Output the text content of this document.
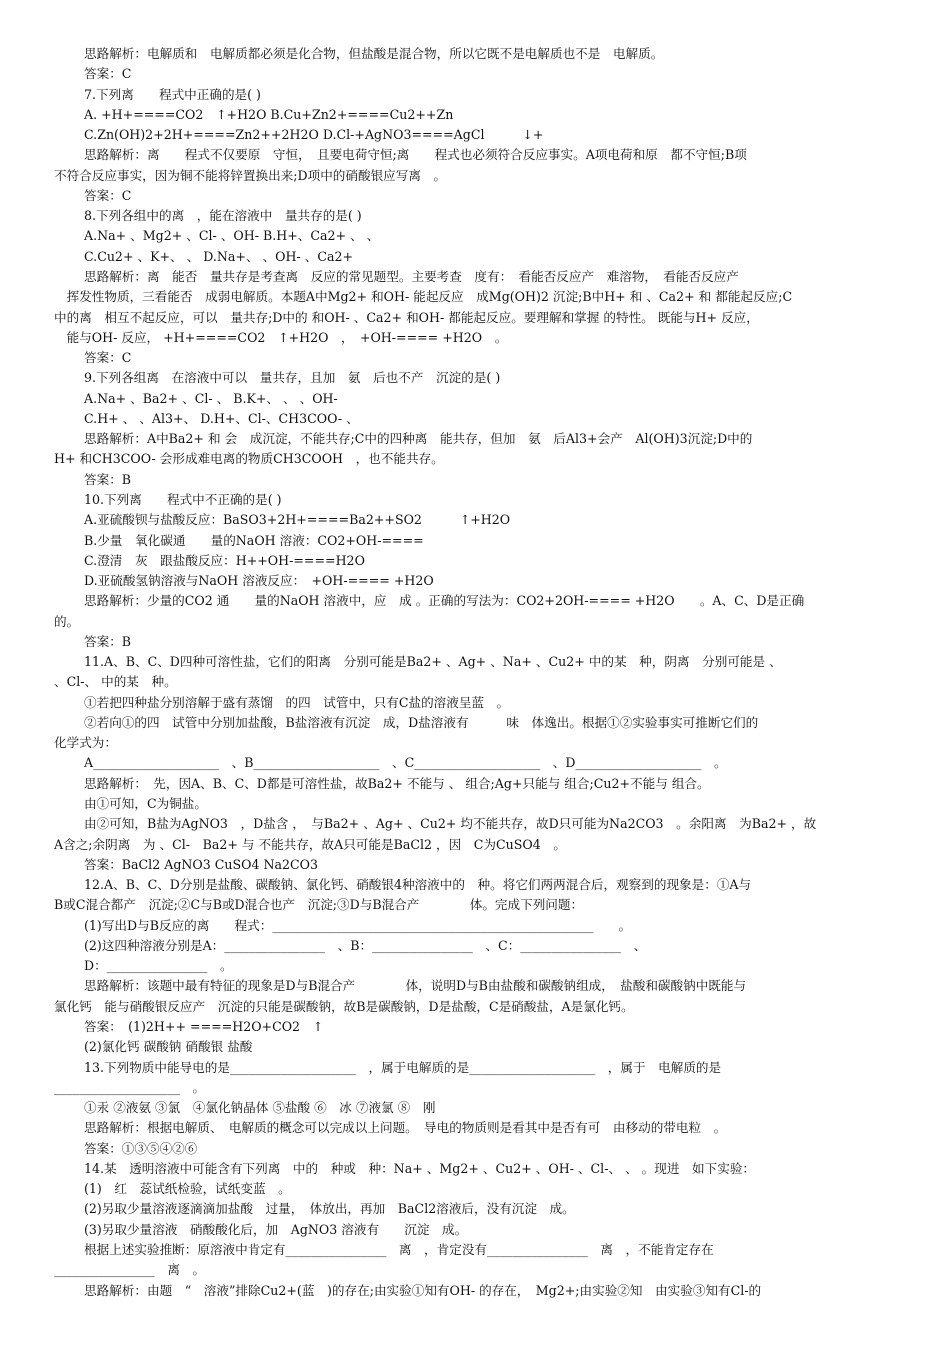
思路解析：电解质和　电解质都必须是化合物，但盐酸是混合物，所以它既不是电解质也不是　电解质。
答案：C
7.下列离　　程式中正确的是( )
A. +H+====CO2　↑+H2O B.Cu+Zn2+====Cu2++Zn
C.Zn(OH)2+2H+====Zn2++2H2O D.Cl-+AgNO3====AgCl　　　↓+
思路解析：离　　程式不仅要原　守恒，　且要电荷守恒;离　　程式也必须符合反应事实。A项电荷和原　都不守恒;B项
不符合反应事实，因为铜不能将锌置换出来;D项中的硝酸银应写离　。
答案：C
8.下列各组中的离　，能在溶液中　量共存的是( )
A.Na+ 、Mg2+ 、Cl- 、OH- B.H+、Ca2+ 、 、
C.Cu2+ 、K+、 、 D.Na+、 、OH- 、Ca2+
思路解析：离　能否　量共存是考查离　反应的常见题型。主要考查　度有：　看能否反应产　难溶物，　看能否反应产
　挥发性物质，三看能否　成弱电解质。本题A中Mg2+ 和OH- 能起反应　成Mg(OH)2 沉淀;B中H+ 和 、Ca2+ 和 都能起反应;C
中的离　相互不起反应，可以　量共存;D中的 和OH- 、Ca2+ 和OH- 都能起反应。要理解和掌握 的特性。 既能与H+ 反应，
　能与OH- 反应， +H+====CO2　↑+H2O　，　+OH-==== +H2O　。
答案：C
9.下列各组离　在溶液中可以　量共存，且加　氨　后也不产　沉淀的是( )
A.Na+ 、Ba2+ 、Cl- 、 B.K+、 、 、OH-
C.H+ 、 、Al3+、 D.H+、Cl-、CH3COO- 、
思路解析：A中Ba2+ 和 会　成沉淀，不能共存;C中的四种离　能共存，但加　氨　后Al3+会产　Al(OH)3沉淀;D中的
H+ 和CH3COO- 会形成难电离的物质CH3COOH　，也不能共存。
答案：B
10.下列离　　程式中不正确的是( )
A.亚硫酸钡与盐酸反应：BaSO3+2H+====Ba2++SO2　　　↑+H2O
B.少量　氧化碳通　　量的NaOH 溶液：CO2+OH-====
C.澄清　灰　跟盐酸反应：H++OH-====H2O
D.亚硫酸氢钠溶液与NaOH 溶液反应：　+OH-==== +H2O
思路解析：少量的CO2 通　　量的NaOH 溶液中，应　成 。正确的写法为：CO2+2OH-==== +H2O　　。A、C、D是正确
的。
答案：B
11.A、B、C、D四种可溶性盐，它们的阳离　分别可能是Ba2+ 、Ag+ 、Na+ 、Cu2+ 中的某　种，阴离　分别可能是 、
、Cl-、 中的某　种。
①若把四种盐分别溶解于盛有蒸馏　的四　试管中，只有C盐的溶液呈蓝　。
②若向①的四　试管中分别加盐酸，B盐溶液有沉淀　成，D盐溶液有　　　味　体逸出。根据①②实验事实可推断它们的
化学式为：
A____________________　、B____________________　、C____________________　、D____________________　。
思路解析：　先，因A、B、C、D都是可溶性盐，故Ba2+ 不能与 、 组合;Ag+只能与 组合;Cu2+不能与 组合。
由①可知，C为铜盐。
由②可知，B盐为AgNO3　，D盐含 ，　与Ba2+ 、Ag+ 、Cu2+ 均不能共存，故D只可能为Na2CO3　。余阳离　为Ba2+ ，故
A含之;余阴离　为 、Cl-　Ba2+ 与 不能共存，故A只可能是BaCl2 ，因　C为CuSO4　。
答案：BaCl2 AgNO3 CuSO4 Na2CO3
12.A、B、C、D分别是盐酸、碳酸钠、氯化钙、硝酸银4种溶液中的　种。将它们两两混合后，观察到的现象是：①A与
B或C混合都产　沉淀;②C与B或D混合也产　沉淀;③D与B混合产　　　　体。完成下列问题：
(1)写出D与B反应的离　　程式：___________________________________________________　　。
(2)这四种溶液分别是A：________________　、B：________________　、C：________________　、
D：________________　。
思路解析：该题中最有特征的现象是D与B混合产　　　　体，说明D与B由盐酸和碳酸钠组成，　盐酸和碳酸钠中既能与
氯化钙　能与硝酸银反应产　沉淀的只能是碳酸钠，故B是碳酸钠，D是盐酸，C是硝酸盐，A是氯化钙。
答案：　(1)2H++ ====H2O+CO2　↑
(2)氯化钙 碳酸钠 硝酸银 盐酸
13.下列物质中能导电的是____________________　，属于电解质的是____________________　，属于　电解质的是
____________________　。
①汞 ②液氨 ③氯　④氯化钠晶体 ⑤盐酸 ⑥　冰 ⑦液氯 ⑧　刚
思路解析：根据电解质、　电解质的概念可以完成以上问题。　导电的物质则是看其中是否有可　由移动的带电粒　。
答案：①③⑤④②⑥
14.某　透明溶液中可能含有下列离　中的　种或　种：Na+ 、Mg2+ 、Cu2+ 、OH- 、Cl-、 、 。现进　如下实验：
(1)　红　蕊试纸检验，试纸变蓝　。
(2)另取少量溶液逐滴滴加盐酸　过量，　体放出，再加　BaCl2溶液后，没有沉淀　成。
(3)另取少量溶液　硝酸酸化后，加　AgNO3 溶液有　　沉淀　成。
根据上述实验推断：原溶液中肯定有________________　离　，肯定没有________________　离　，不能肯定存在
________________　离　。
思路解析：由题　“　溶液”排除Cu2+(蓝　)的存在;由实验①知有OH- 的存在，　Mg2+;由实验②知　由实验③知有Cl-的
